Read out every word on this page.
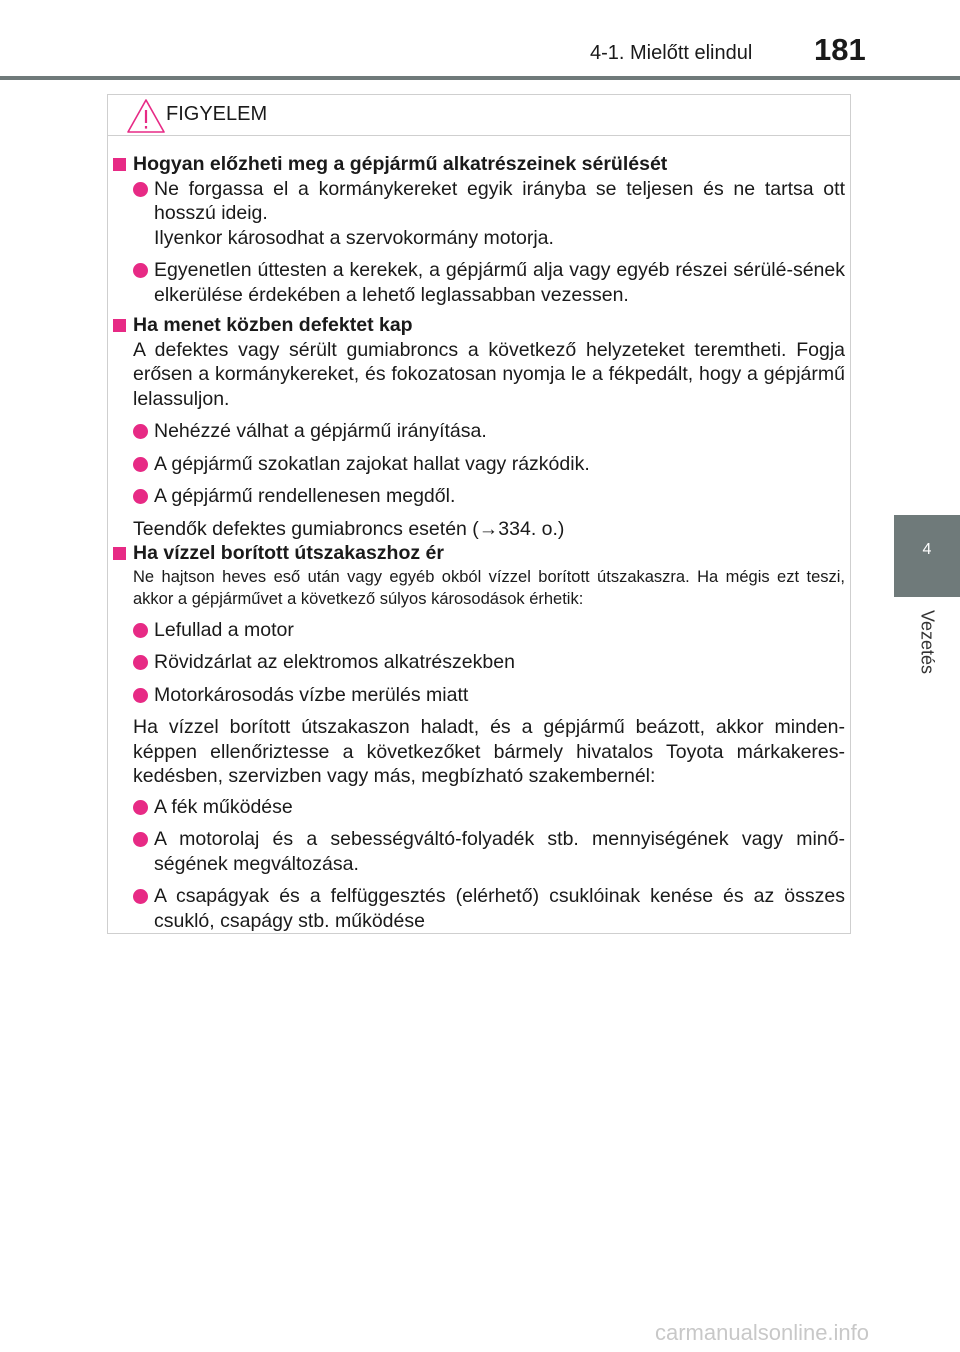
4-1. Mielőtt elindul 181
4
Vezetés
FIGYELEM
Hogyan előzheti meg a gépjármű alkatrészeinek sérülését
Ne forgassa el a kormánykereket egyik irányba se teljesen és ne tartsa ott hosszú ideig.
Ilyenkor károsodhat a szervokormány motorja.
Egyenetlen úttesten a kerekek, a gépjármű alja vagy egyéb részei sérülé-sének elkerülése érdekében a lehető leglassabban vezessen.
Ha menet közben defektet kap
A defektes vagy sérült gumiabroncs a következő helyzeteket teremtheti. Fogja erősen a kormánykereket, és fokozatosan nyomja le a fékpedált, hogy a gépjármű lelassuljon.
Nehézzé válhat a gépjármű irányítása.
A gépjármű szokatlan zajokat hallat vagy rázkódik.
A gépjármű rendellenesen megdől.
Teendők defektes gumiabroncs esetén (→334. o.)
Ha vízzel borított útszakaszhoz ér
Ne hajtson heves eső után vagy egyéb okból vízzel borított útszakaszra. Ha mégis ezt teszi, akkor a gépjárművet a következő súlyos károsodások érhetik:
Lefullad a motor
Rövidzárlat az elektromos alkatrészekben
Motorkárosodás vízbe merülés miatt
Ha vízzel borított útszakaszon haladt, és a gépjármű beázott, akkor minden-képpen ellenőriztesse a következőket bármely hivatalos Toyota márkakeres-kedésben, szervizben vagy más, megbízható szakembernél:
A fék működése
A motorolaj és a sebességváltó-folyadék stb. mennyiségének vagy minő-ségének megváltozása.
A csapágyak és a felfüggesztés (elérhető) csuklóinak kenése és az összes csukló, csapágy stb. működése
carmanualsonline.info
